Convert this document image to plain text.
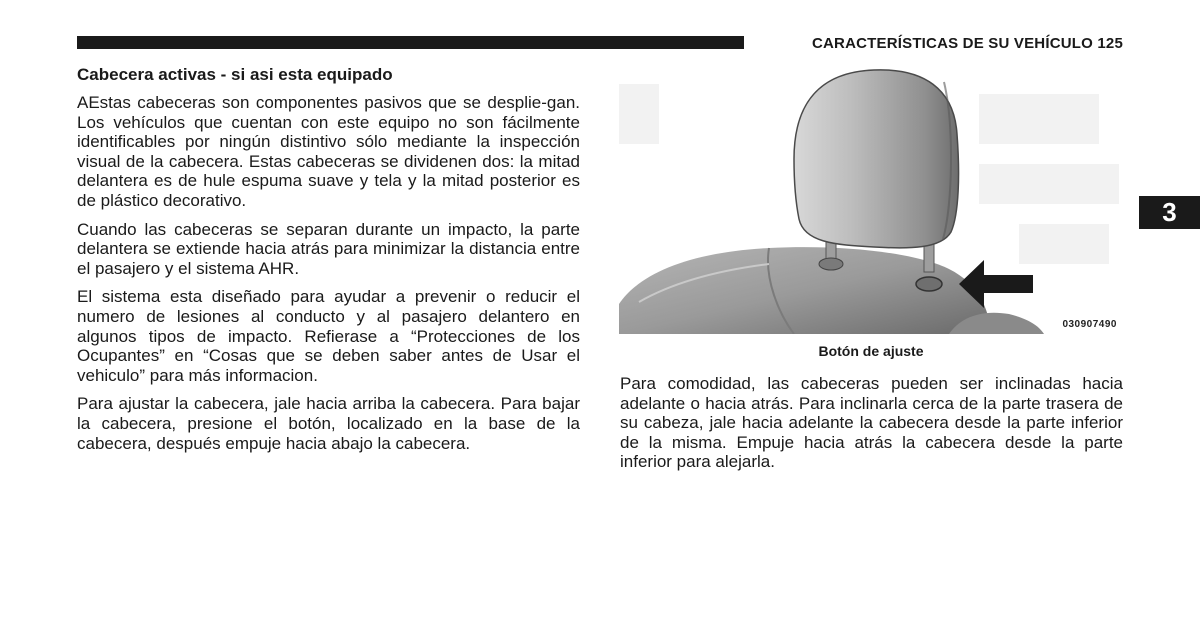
CARACTERÍSTICAS DE SU VEHÍCULO 125
3
Cabecera activas - si asi esta equipado

AEstas cabeceras son componentes pasivos que se desplie-gan. Los vehículos que cuentan con este equipo no son fácilmente identificables por ningún distintivo sólo mediante la inspección visual de la cabecera. Estas cabeceras se dividenen dos: la mitad delantera es de hule espuma suave y tela y la mitad posterior es de plástico decorativo.

Cuando las cabeceras se separan durante un impacto, la parte delantera se extiende hacia atrás para minimizar la distancia entre el pasajero y el sistema AHR.

El sistema esta diseñado para ayudar a prevenir o reducir el numero de lesiones al conducto y al pasajero delantero en algunos tipos de impacto. Refierase a “Protecciones de los Ocupantes” en “Cosas que se deben saber antes de Usar el vehiculo” para más informacion.

Para ajustar la cabecera, jale hacia arriba la cabecera. Para bajar la cabecera, presione el botón, localizado en la base de la cabecera, después empuje hacia abajo la cabecera.

030907490
Botón de ajuste

Para comodidad, las cabeceras pueden ser inclinadas hacia adelante o hacia atrás. Para inclinarla cerca de la parte trasera de su cabeza, jale hacia adelante la cabecera desde la parte inferior de la misma. Empuje hacia atrás la cabecera desde la parte inferior para alejarla.
